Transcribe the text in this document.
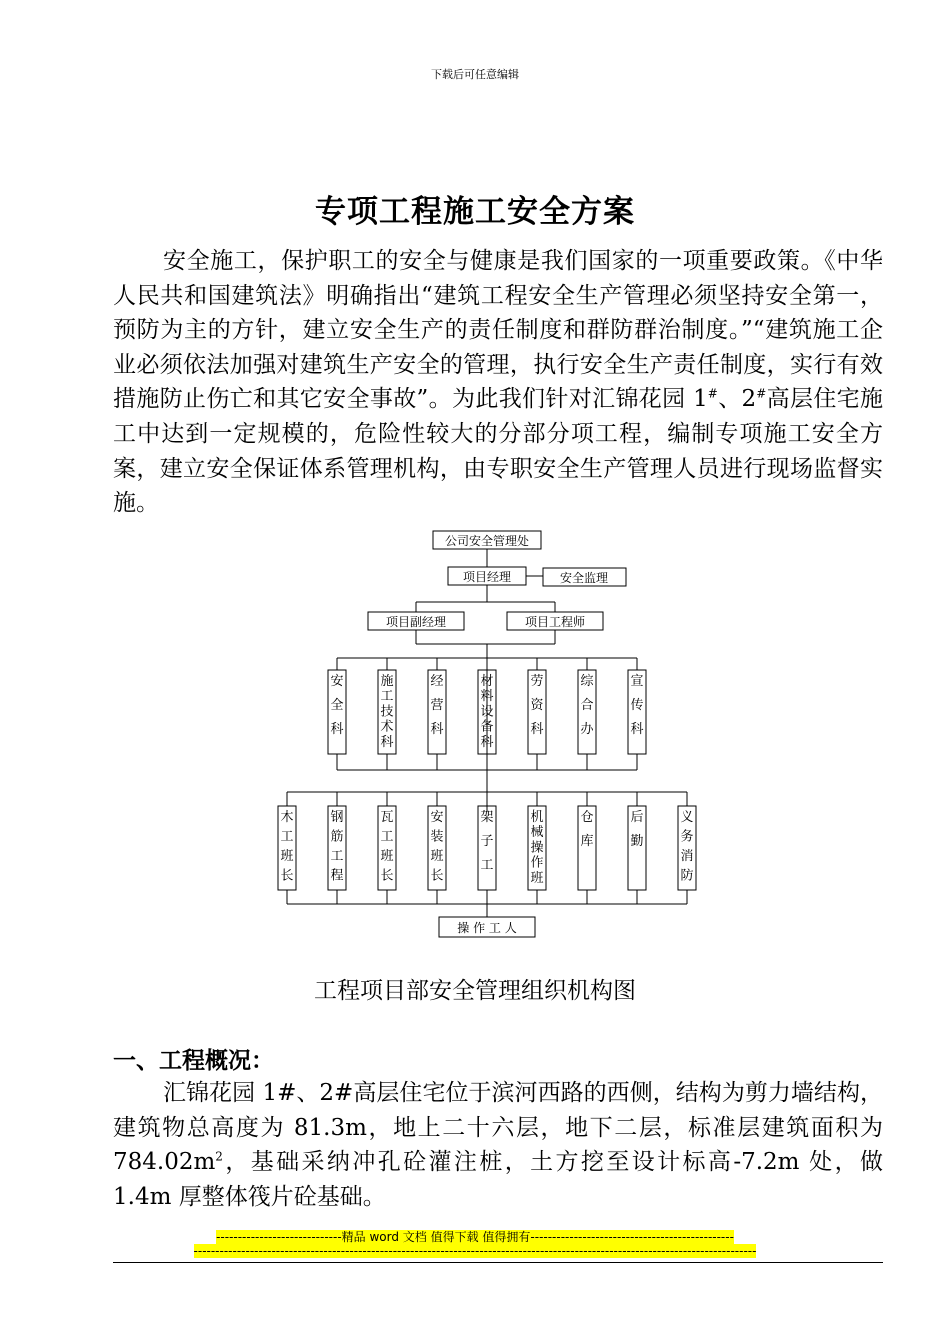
下载后可任意编辑
专项工程施工安全方案

安全施工，保护职工的安全与健康是我们国家的一项重要政策。《中华人民共和国建筑法》明确指出“建筑工程安全生产管理必须坚持安全第一，预防为主的方针，建立安全生产的责任制度和群防群治制度。”“建筑施工企业必须依法加强对建筑生产安全的管理，执行安全生产责任制度，实行有效措施防止伤亡和其它安全事故”。为此我们针对汇锦花园 1#、2#高层住宅施工中达到一定规模的，危险性较大的分部分项工程，编制专项施工安全方案，建立安全保证体系管理机构，由专职安全生产管理人员进行现场监督实施。

公司安全管理处
项目经理	安全监理
项目副经理	项目工程师
操 作 工 人
安全科
施工技术科
经营科
材料设备科
劳资科
综合办
宣传科
木工班长
钢筋工程
瓦工班长
安装班长
架子工
机械操作班
仓库
后勤
义务消防
工程项目部安全管理组织机构图
一、工程概况：

汇锦花园 1#、2#高层住宅位于滨河西路的西侧，结构为剪力墙结构，建筑物总高度为 81.3m，地上二十六层，地下二层，标准层建筑面积为 $784.02m^2$，基础采纳冲孔砼灌注桩，土方挖至设计标高-7.2m 处，做 1.4m 厚整体筏片砼基础。

-----------------------------精品 word 文档 值得下载 值得拥有-----------------------------------------------
----------------------------------------------------------------------------------------------------------------------------------
